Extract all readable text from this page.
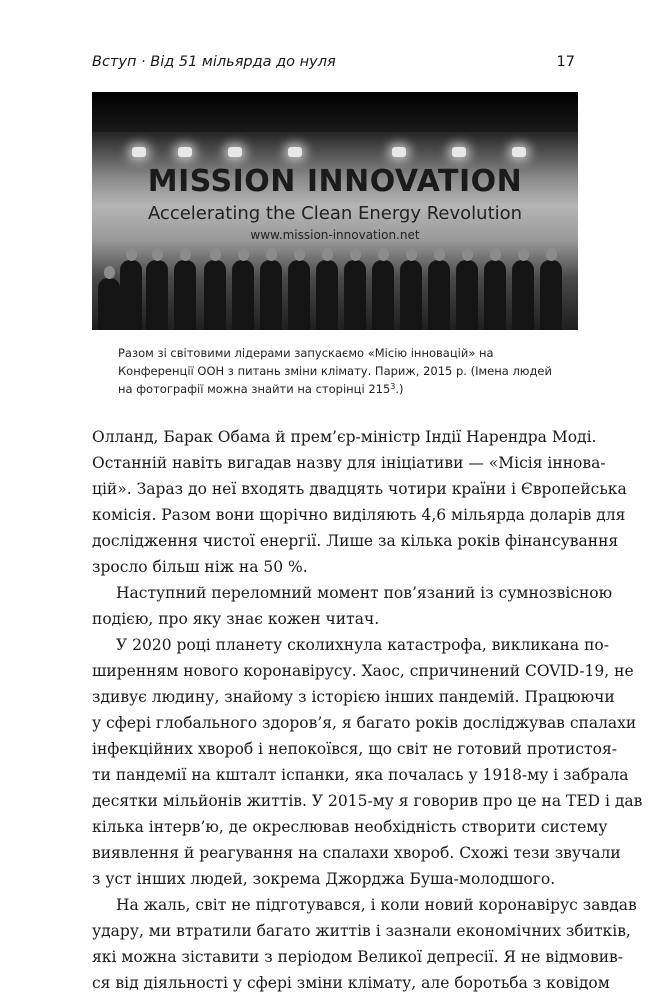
Вступ · Від 51 мільярда до нуля	17
MISSION INNOVATION
Accelerating the Clean Energy Revolution
www.mission-innovation.net
Разом зі світовими лідерами запускаємо «Місію інновацій» на Конференції ООН з питань зміни клімату. Париж, 2015 р. (Імена людей на фотографії можна знайти на сторінці $215^3$.)

Олланд, Барак Обама й прем’єр-міністр Індії Нарендра Моді.
Останній навіть вигадав назву для ініціативи — «Місія іннова-
цій». Зараз до неї входять двадцять чотири країни і Європейська
комісія. Разом вони щорічно виділяють 4,6 мільярда доларів для
дослідження чистої енергії. Лише за кілька років фінансування
зросло більш ніж на 50 %.

Наступний переломний момент пов’язаний із сумнозвісною
подією, про яку знає кожен читач.

У 2020 році планету сколихнула катастрофа, викликана по-
ширенням нового коронавірусу. Хаос, спричинений COVID-19, не
здивує людину, знайому з історією інших пандемій. Працюючи
у сфері глобального здоров’я, я багато років досліджував спалахи
інфекційних хвороб і непокоївся, що світ не готовий протистоя-
ти пандемії на кшталт іспанки, яка почалась у 1918-му і забрала
десятки мільйонів життів. У 2015-му я говорив про це на TED і дав
кілька інтерв’ю, де окреслював необхідність створити систему
виявлення й реагування на спалахи хвороб. Схожі тези звучали
з уст інших людей, зокрема Джорджа Буша-молодшого.

На жаль, світ не підготувався, і коли новий коронавірус завдав
удару, ми втратили багато життів і зазнали економічних збитків,
які можна зіставити з періодом Великої депресії. Я не відмовив-
ся від діяльності у сфері зміни клімату, але боротьба з ковідом
